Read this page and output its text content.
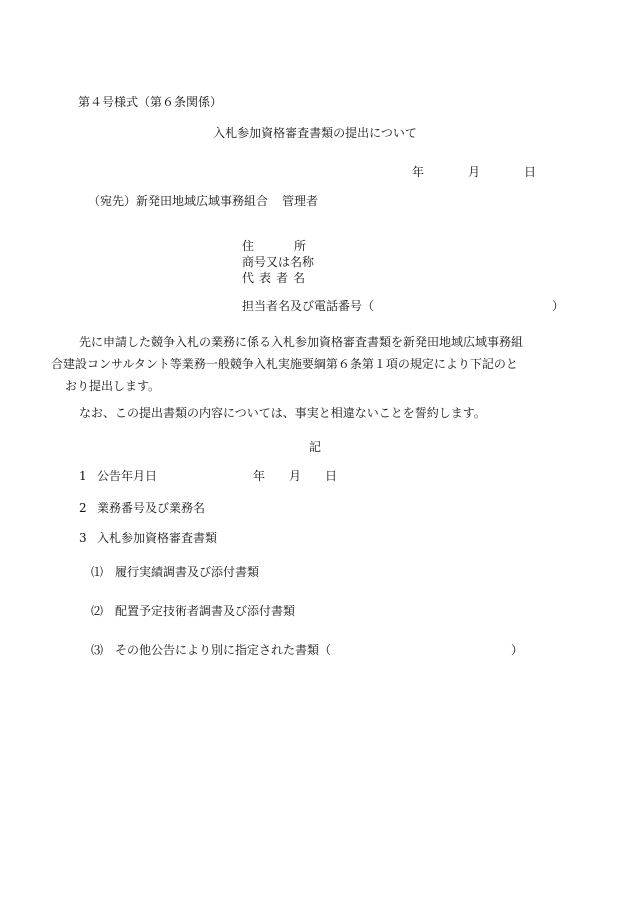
第４号様式（第６条関係）
入札参加資格審査書類の提出について
年	月	日
（宛先）新発田地域広域事務組合 管理者
住所
商号又は名称
代表者名
担当者名及び電話番号（	）
先に申請した競争入札の業務に係る入札参加資格審査書類を新発田地域広域事務組
合建設コンサルタント等業務一般競争入札実施要綱第６条第１項の規定により下記のと
おり提出します。
なお、この提出書類の内容については、事実と相違ないことを誓約します。
記
1 公告年月日	年 月 日
2 業務番号及び業務名
3 入札参加資格審査書類
⑴ 履行実績調書及び添付書類
⑵ 配置予定技術者調書及び添付書類
⑶ その他公告により別に指定された書類（	）
